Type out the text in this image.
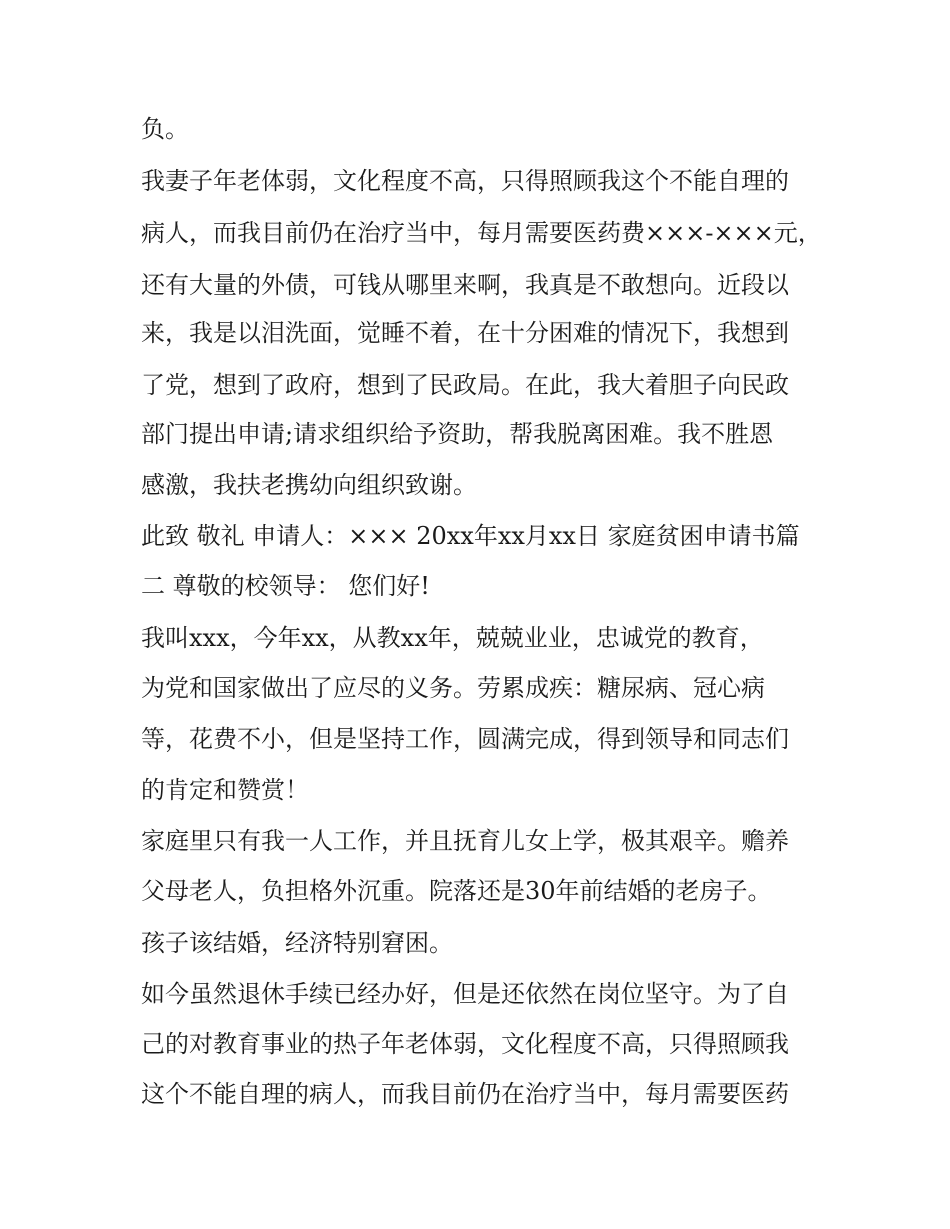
负。
我妻子年老体弱，文化程度不高，只得照顾我这个不能自理的
病人，而我目前仍在治疗当中，每月需要医药费×××-×××元，
还有大量的外债，可钱从哪里来啊，我真是不敢想向。近段以
来，我是以泪洗面，觉睡不着，在十分困难的情况下，我想到
了党，想到了政府，想到了民政局。在此，我大着胆子向民政
部门提出申请;请求组织给予资助，帮我脱离困难。我不胜恩
感激，我扶老携幼向组织致谢。
此致 敬礼 申请人：××× 20xx年xx月xx日 家庭贫困申请书篇
二 尊敬的校领导： 您们好!
我叫xxx，今年xx，从教xx年，兢兢业业，忠诚党的教育，
为党和国家做出了应尽的义务。劳累成疾：糖尿病、冠心病
等，花费不小，但是坚持工作，圆满完成，得到领导和同志们
的肯定和赞赏！
家庭里只有我一人工作，并且抚育儿女上学，极其艰辛。赡养
父母老人，负担格外沉重。院落还是30年前结婚的老房子。
孩子该结婚，经济特别窘困。
如今虽然退休手续已经办好，但是还依然在岗位坚守。为了自
己的对教育事业的热子年老体弱，文化程度不高，只得照顾我
这个不能自理的病人，而我目前仍在治疗当中，每月需要医药
